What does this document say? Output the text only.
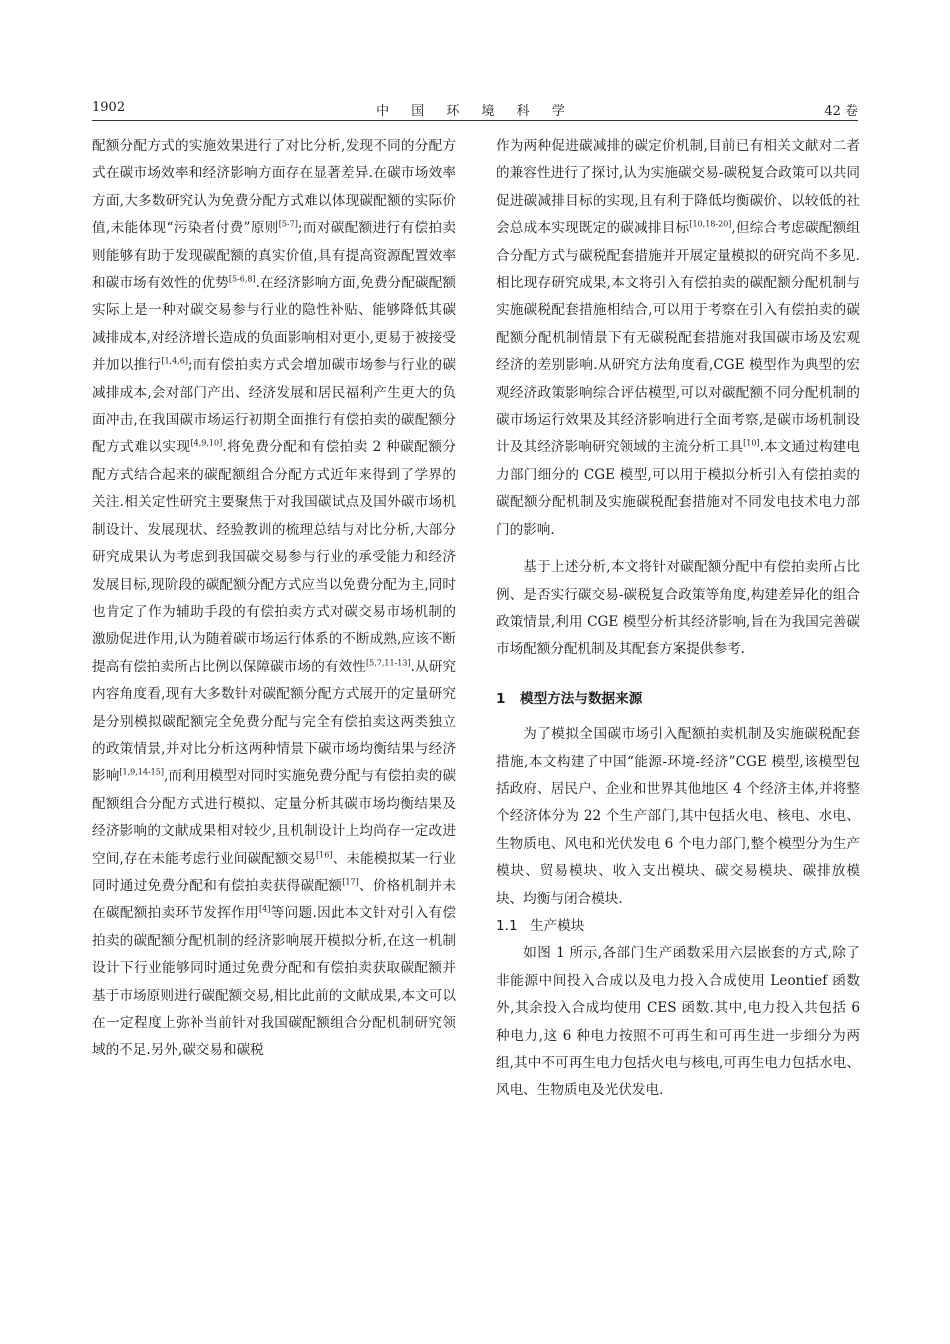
1902	中 国 环 境 科 学	42 卷

配额分配方式的实施效果进行了对比分析,发现不同的分配方式在碳市场效率和经济影响方面存在显著差异.在碳市场效率方面,大多数研究认为免费分配方式难以体现碳配额的实际价值,未能体现“污染者付费”原则[5-7];而对碳配额进行有偿拍卖则能够有助于发现碳配额的真实价值,具有提高资源配置效率和碳市场有效性的优势[5-6,8].在经济影响方面,免费分配碳配额实际上是一种对碳交易参与行业的隐性补贴、能够降低其碳减排成本,对经济增长造成的负面影响相对更小,更易于被接受并加以推行[1,4,6];而有偿拍卖方式会增加碳市场参与行业的碳减排成本,会对部门产出、经济发展和居民福利产生更大的负面冲击,在我国碳市场运行初期全面推行有偿拍卖的碳配额分配方式难以实现[4,9,10].将免费分配和有偿拍卖 2 种碳配额分配方式结合起来的碳配额组合分配方式近年来得到了学界的关注.相关定性研究主要聚焦于对我国碳试点及国外碳市场机制设计、发展现状、经验教训的梳理总结与对比分析,大部分研究成果认为考虑到我国碳交易参与行业的承受能力和经济发展目标,现阶段的碳配额分配方式应当以免费分配为主,同时也肯定了作为辅助手段的有偿拍卖方式对碳交易市场机制的激励促进作用,认为随着碳市场运行体系的不断成熟,应该不断提高有偿拍卖所占比例以保障碳市场的有效性[5,7,11-13].从研究内容角度看,现有大多数针对碳配额分配方式展开的定量研究是分别模拟碳配额完全免费分配与完全有偿拍卖这两类独立的政策情景,并对比分析这两种情景下碳市场均衡结果与经济影响[1,9,14-15],而利用模型对同时实施免费分配与有偿拍卖的碳配额组合分配方式进行模拟、定量分析其碳市场均衡结果及经济影响的文献成果相对较少,且机制设计上均尚存一定改进空间,存在未能考虑行业间碳配额交易[16]、未能模拟某一行业同时通过免费分配和有偿拍卖获得碳配额[17]、价格机制并未在碳配额拍卖环节发挥作用[4]等问题.因此本文针对引入有偿拍卖的碳配额分配机制的经济影响展开模拟分析,在这一机制设计下行业能够同时通过免费分配和有偿拍卖获取碳配额并基于市场原则进行碳配额交易,相比此前的文献成果,本文可以在一定程度上弥补当前针对我国碳配额组合分配机制研究领域的不足.另外,碳交易和碳税

作为两种促进碳减排的碳定价机制,目前已有相关文献对二者的兼容性进行了探讨,认为实施碳交易-碳税复合政策可以共同促进碳减排目标的实现,且有利于降低均衡碳价、以较低的社会总成本实现既定的碳减排目标[10,18-20],但综合考虑碳配额组合分配方式与碳税配套措施并开展定量模拟的研究尚不多见.相比现存研究成果,本文将引入有偿拍卖的碳配额分配机制与实施碳税配套措施相结合,可以用于考察在引入有偿拍卖的碳配额分配机制情景下有无碳税配套措施对我国碳市场及宏观经济的差别影响.从研究方法角度看,CGE 模型作为典型的宏观经济政策影响综合评估模型,可以对碳配额不同分配机制的碳市场运行效果及其经济影响进行全面考察,是碳市场机制设计及其经济影响研究领域的主流分析工具[10].本文通过构建电力部门细分的 CGE 模型,可以用于模拟分析引入有偿拍卖的碳配额分配机制及实施碳税配套措施对不同发电技术电力部门的影响.

基于上述分析,本文将针对碳配额分配中有偿拍卖所占比例、是否实行碳交易-碳税复合政策等角度,构建差异化的组合政策情景,利用 CGE 模型分析其经济影响,旨在为我国完善碳市场配额分配机制及其配套方案提供参考.

1 模型方法与数据来源

为了模拟全国碳市场引入配额拍卖机制及实施碳税配套措施,本文构建了中国“能源-环境-经济”CGE 模型,该模型包括政府、居民户、企业和世界其他地区 4 个经济主体,并将整个经济体分为 22 个生产部门,其中包括火电、核电、水电、生物质电、风电和光伏发电 6 个电力部门,整个模型分为生产模块、贸易模块、收入支出模块、碳交易模块、碳排放模块、均衡与闭合模块.

1.1 生产模块

如图 1 所示,各部门生产函数采用六层嵌套的方式,除了非能源中间投入合成以及电力投入合成使用 Leontief 函数外,其余投入合成均使用 CES 函数.其中,电力投入共包括 6 种电力,这 6 种电力按照不可再生和可再生进一步细分为两组,其中不可再生电力包括火电与核电,可再生电力包括水电、风电、生物质电及光伏发电.
